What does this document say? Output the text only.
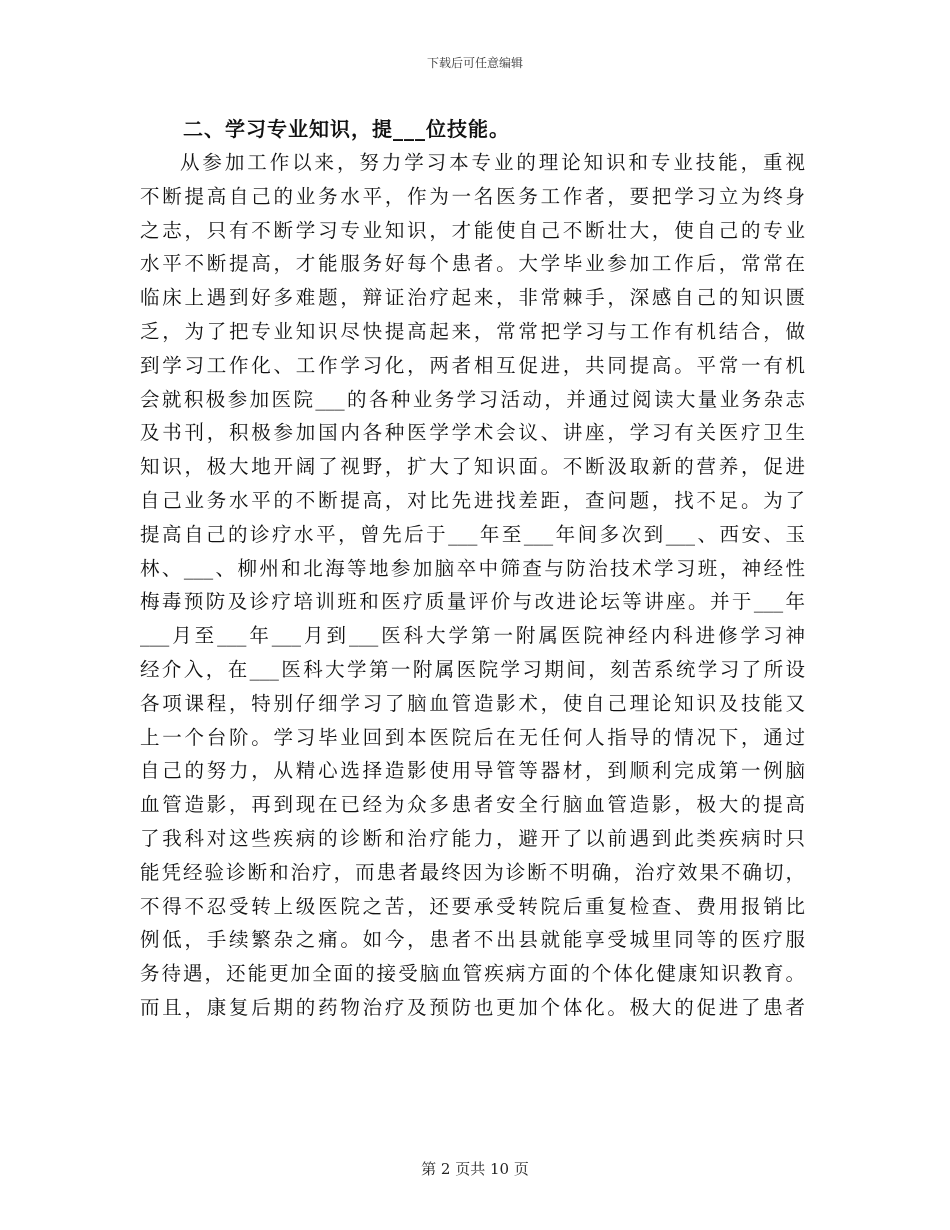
下载后可任意编辑
二、学习专业知识，提___位技能。
从参加工作以来，努力学习本专业的理论知识和专业技能，重视
不断提高自己的业务水平，作为一名医务工作者，要把学习立为终身
之志，只有不断学习专业知识，才能使自己不断壮大，使自己的专业
水平不断提高，才能服务好每个患者。大学毕业参加工作后，常常在
临床上遇到好多难题，辩证治疗起来，非常棘手，深感自己的知识匮
乏，为了把专业知识尽快提高起来，常常把学习与工作有机结合，做
到学习工作化、工作学习化，两者相互促进，共同提高。平常一有机
会就积极参加医院___的各种业务学习活动，并通过阅读大量业务杂志
及书刊，积极参加国内各种医学学术会议、讲座，学习有关医疗卫生
知识，极大地开阔了视野，扩大了知识面。不断汲取新的营养，促进
自己业务水平的不断提高，对比先进找差距，查问题，找不足。为了
提高自己的诊疗水平，曾先后于___年至___年间多次到___、西安、玉
林、___、柳州和北海等地参加脑卒中筛查与防治技术学习班，神经性
梅毒预防及诊疗培训班和医疗质量评价与改进论坛等讲座。并于___年
___月至___年___月到___医科大学第一附属医院神经内科进修学习神
经介入，在___医科大学第一附属医院学习期间，刻苦系统学习了所设
各项课程，特别仔细学习了脑血管造影术，使自己理论知识及技能又
上一个台阶。学习毕业回到本医院后在无任何人指导的情况下，通过
自己的努力，从精心选择造影使用导管等器材，到顺利完成第一例脑
血管造影，再到现在已经为众多患者安全行脑血管造影，极大的提高
了我科对这些疾病的诊断和治疗能力，避开了以前遇到此类疾病时只
能凭经验诊断和治疗，而患者最终因为诊断不明确，治疗效果不确切，
不得不忍受转上级医院之苦，还要承受转院后重复检查、费用报销比
例低，手续繁杂之痛。如今，患者不出县就能享受城里同等的医疗服
务待遇，还能更加全面的接受脑血管疾病方面的个体化健康知识教育。
而且，康复后期的药物治疗及预防也更加个体化。极大的促进了患者
第 2 页共 10 页
